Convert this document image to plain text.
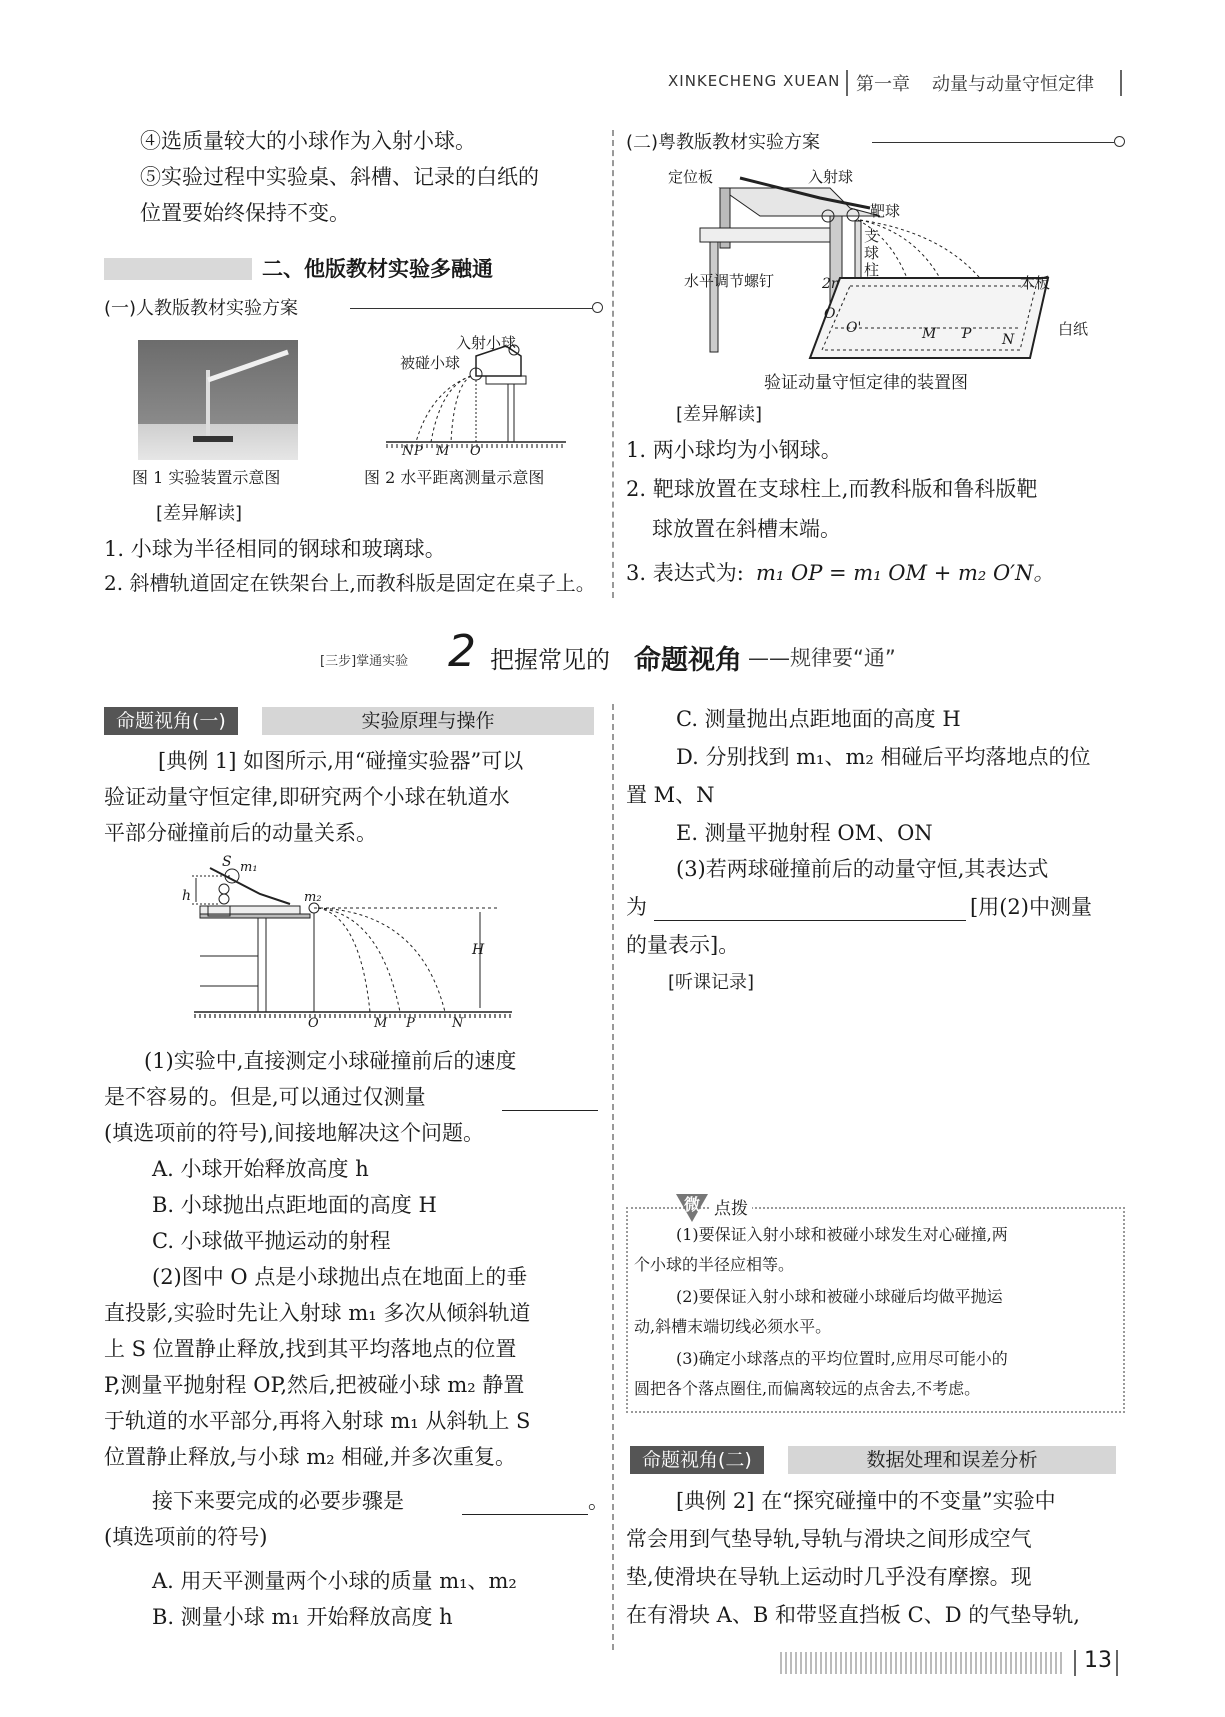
XINKECHENG XUEAN 第一章 动量与动量守恒定律
④选质量较大的小球作为入射小球。
⑤实验过程中实验桌、斜槽、记录的白纸的
位置要始终保持不变。
二、他版教材实验多融通
(一)人教版教材实验方案
图 1 实验装置示意图
入射小球
被碰小球
N P M O
图 2 水平距离测量示意图
[差异解读]
1. 小球为半径相同的钢球和玻璃球。
2. 斜槽轨道固定在铁架台上,而教科版是固定在桌子上。
(二)粤教版教材实验方案
定位板	入射球
靶球
支
球
柱
水平调节螺钉	2r	木板
白纸
O
O'	M P N
验证动量守恒定律的装置图
[差异解读]
1. 两小球均为小钢球。
2. 靶球放置在支球柱上,而教科版和鲁科版靶
球放置在斜槽末端。
3. 表达式为: m₁ OP = m₁ OM + m₂ O′N。
[三步]掌通实验 2 把握常见的 命题视角 ——规律要“通”
命题视角(一)	实验原理与操作
[典例 1] 如图所示,用“碰撞实验器”可以
验证动量守恒定律,即研究两个小球在轨道水
平部分碰撞前后的动量关系。
S m₁
h	m₂
H
O	M P	N
(1)实验中,直接测定小球碰撞前后的速度
是不容易的。但是,可以通过仅测量
(填选项前的符号),间接地解决这个问题。
A. 小球开始释放高度 h
B. 小球抛出点距地面的高度 H
C. 小球做平抛运动的射程
(2)图中 O 点是小球抛出点在地面上的垂
直投影,实验时先让入射球 m₁ 多次从倾斜轨道
上 S 位置静止释放,找到其平均落地点的位置
P,测量平抛射程 OP,然后,把被碰小球 m₂ 静置
于轨道的水平部分,再将入射球 m₁ 从斜轨上 S
位置静止释放,与小球 m₂ 相碰,并多次重复。
接下来要完成的必要步骤是	。
(填选项前的符号)
A. 用天平测量两个小球的质量 m₁、m₂
B. 测量小球 m₁ 开始释放高度 h
C. 测量抛出点距地面的高度 H
D. 分别找到 m₁、m₂ 相碰后平均落地点的位
置 M、N
E. 测量平抛射程 OM、ON
(3)若两球碰撞前后的动量守恒,其表达式
为	[用(2)中测量
的量表示]。
[听课记录]
微 点拨
(1)要保证入射小球和被碰小球发生对心碰撞,两
个小球的半径应相等。
(2)要保证入射小球和被碰小球碰后均做平抛运
动,斜槽末端切线必须水平。
(3)确定小球落点的平均位置时,应用尽可能小的
圆把各个落点圈住,而偏离较远的点舍去,不考虑。
命题视角(二)	数据处理和误差分析
[典例 2] 在“探究碰撞中的不变量”实验中
常会用到气垫导轨,导轨与滑块之间形成空气
垫,使滑块在导轨上运动时几乎没有摩擦。现
在有滑块 A、B 和带竖直挡板 C、D 的气垫导轨,
13
